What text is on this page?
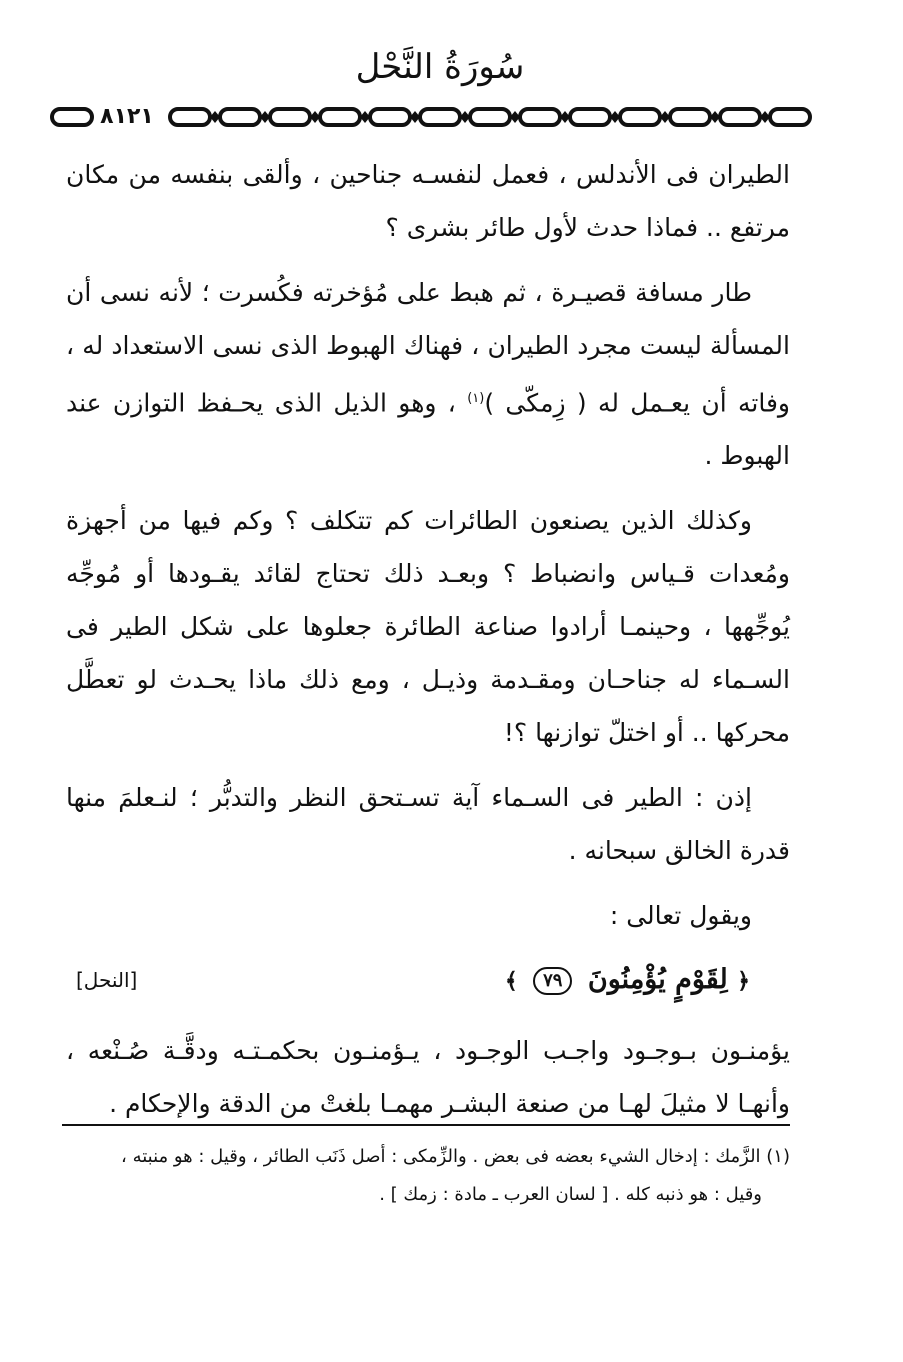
سُورَةُ النَّحْل
٨١٢١

الطيران فى الأندلس ، فعمل لنفسـه جناحين ، وألقى بنفسه من مكان مرتفع .. فماذا حدث لأول طائر بشرى ؟

طار مسافة قصيـرة ، ثم هبط على مُؤخرته فكُسرت ؛ لأنه نسى أن المسألة ليست مجرد الطيران ، فهناك الهبوط الذى نسى الاستعداد له ، وفاته أن يعـمل له ( زِمكّى )$^{(١)}$ ، وهو الذيل الذى يحـفظ التوازن عند الهبوط .

وكذلك الذين يصنعون الطائرات كم تتكلف ؟ وكم فيها من أجهزة ومُعدات قـياس وانضباط ؟ وبعـد ذلك تحتاج لقائد يقـودها أو مُوجِّه يُوجِّهها ، وحينمـا أرادوا صناعة الطائرة جعلوها على شكل الطير فى السـماء له جناحـان ومقـدمة وذيـل ، ومع ذلك ماذا يحـدث لو تعطَّل محركها .. أو اختلّ توازنها ؟!

إذن : الطير فى السـماء آية تسـتحق النظر والتدبُّر ؛ لنـعلمَ منها قدرة الخالق سبحانه .

ويقول تعالى :

﴿ لِقَوْمٍ يُؤْمِنُونَ ٧٩ ﴾
[النحل]

يؤمنـون بـوجـود واجـب الوجـود ، يـؤمنـون بحكمـتـه ودقَّـة صُـنْعه ، وأنهـا لا مثيلَ لهـا من صنعة البشـر مهمـا بلغتْ من الدقة والإحكام .

(١) الزَّمك : إدخال الشيء بعضه فى بعض . والزِّمكى : أصل ذَنَب الطائر ، وقيل : هو منبته ،

وقيل : هو ذنبه كله . [ لسان العرب ـ مادة : زمك ] .
